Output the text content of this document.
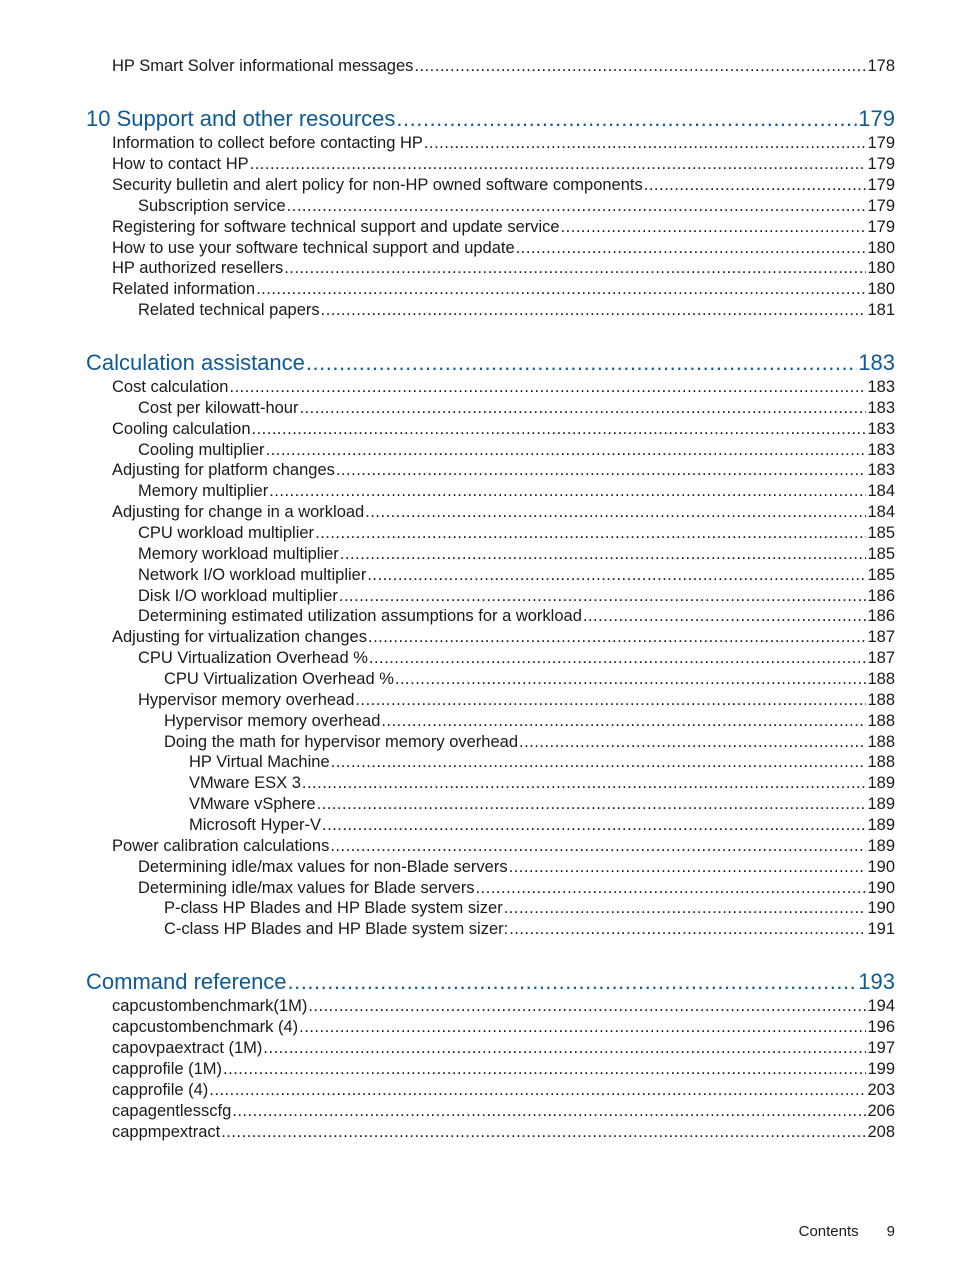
HP Smart Solver informational messages .....	178
10 Support and other resources .....	179
Information to collect before contacting HP .....	179
How to contact HP .....	179
Security bulletin and alert policy for non-HP owned software components .....	179
Subscription service .....	179
Registering for software technical support and update service .....	179
How to use your software technical support and update .....	180
HP authorized resellers .....	180
Related information .....	180
Related technical papers .....	181
Calculation assistance .....	183
Cost calculation .....	183
Cost per kilowatt-hour .....	183
Cooling calculation .....	183
Cooling multiplier .....	183
Adjusting for platform changes .....	183
Memory multiplier .....	184
Adjusting for change in a workload .....	184
CPU workload multiplier .....	185
Memory workload multiplier .....	185
Network I/O workload multiplier .....	185
Disk I/O workload multiplier .....	186
Determining estimated utilization assumptions for a workload .....	186
Adjusting for virtualization changes .....	187
CPU Virtualization Overhead % .....	187
CPU Virtualization Overhead % .....	188
Hypervisor memory overhead .....	188
Hypervisor memory overhead .....	188
Doing the math for hypervisor memory overhead .....	188
HP Virtual Machine .....	188
VMware ESX 3 .....	189
VMware vSphere .....	189
Microsoft Hyper-V .....	189
Power calibration calculations .....	189
Determining idle/max values for non-Blade servers .....	190
Determining idle/max values for Blade servers .....	190
P-class HP Blades and HP Blade system sizer .....	190
C-class HP Blades and HP Blade system sizer: .....	191
Command reference .....	193
capcustombenchmark(1M) .....	194
capcustombenchmark (4) .....	196
capovpaextract (1M) .....	197
capprofile (1M) .....	199
capprofile (4) .....	203
capagentlesscfg .....	206
cappmpextract .....	208
Contents 9
